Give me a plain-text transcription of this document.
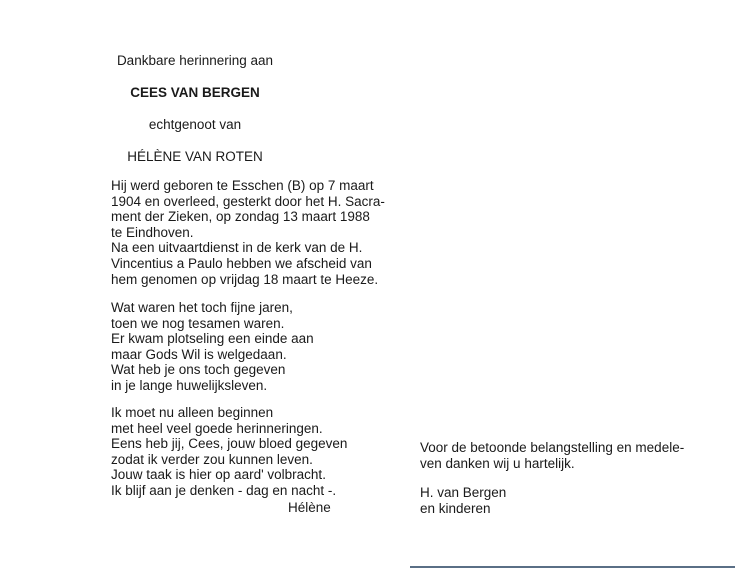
Dankbare herinnering aan
CEES VAN BERGEN
echtgenoot van
HÉLÈNE VAN ROTEN
Hij werd geboren te Esschen (B) op 7 maart
1904 en overleed, gesterkt door het H. Sacra-
ment der Zieken, op zondag 13 maart 1988
te Eindhoven.
Na een uitvaartdienst in de kerk van de H.
Vincentius a Paulo hebben we afscheid van
hem genomen op vrijdag 18 maart te Heeze.
Wat waren het toch fijne jaren,
toen we nog tesamen waren.
Er kwam plotseling een einde aan
maar Gods Wil is welgedaan.
Wat heb je ons toch gegeven
in je lange huwelijksleven.
Ik moet nu alleen beginnen
met heel veel goede herinneringen.
Eens heb jij, Cees, jouw bloed gegeven
zodat ik verder zou kunnen leven.
Jouw taak is hier op aard' volbracht.
Ik blijf aan je denken - dag en nacht -.
Hélène
Voor de betoonde belangstelling en medele-
ven danken wij u hartelijk.
H. van Bergen
en kinderen
